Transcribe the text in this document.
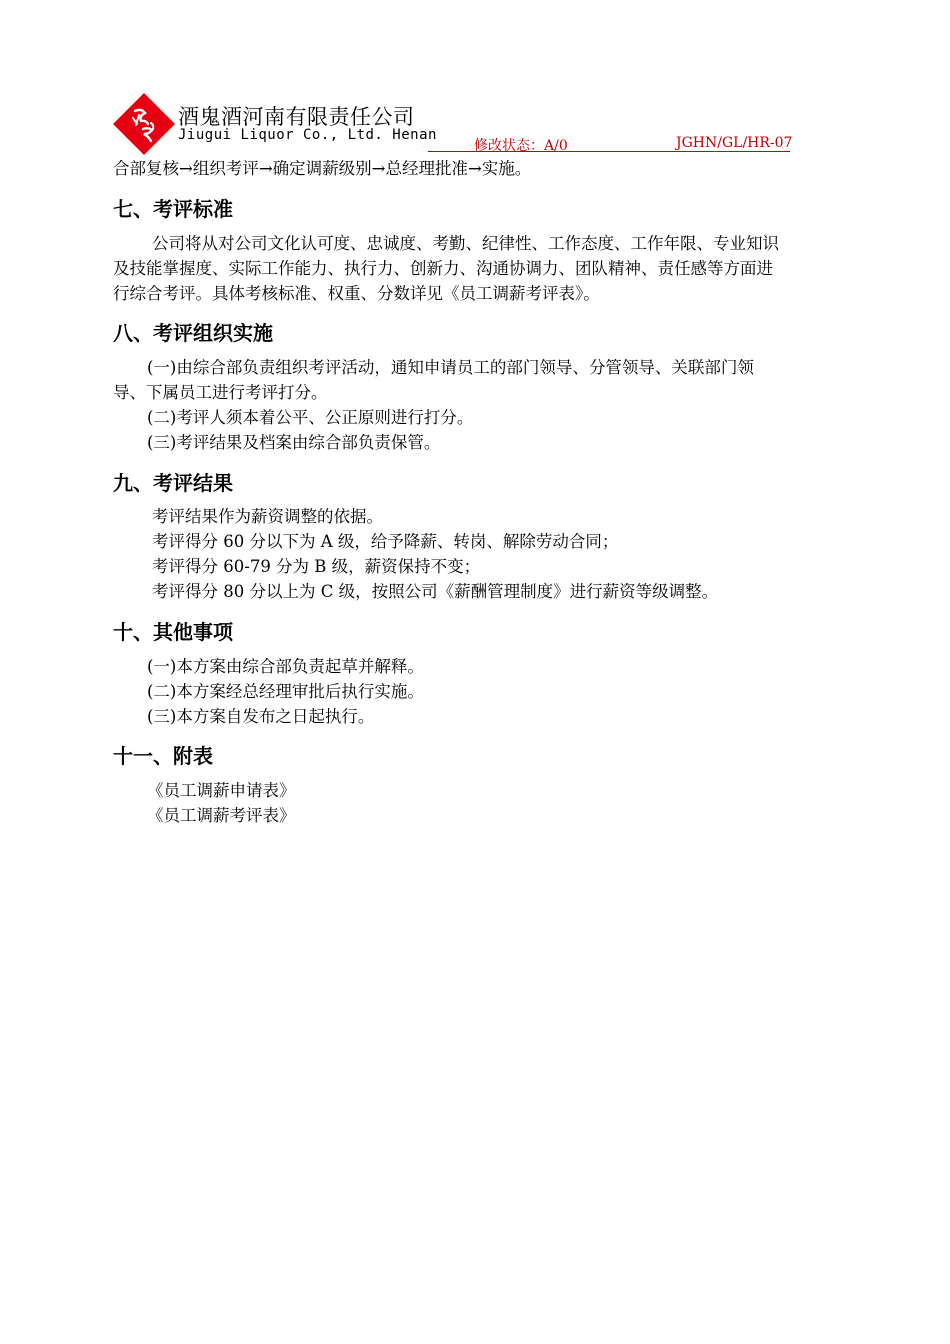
酒鬼酒河南有限责任公司
Jiugui Liquor Co., Ltd. Henan
修改状态：A/0	JGHN/GL/HR-07
合部复核→组织考评→确定调薪级别→总经理批准→实施。
七、考评标准
公司将从对公司文化认可度、忠诚度、考勤、纪律性、工作态度、工作年限、专业知识
及技能掌握度、实际工作能力、执行力、创新力、沟通协调力、团队精神、责任感等方面进
行综合考评。具体考核标准、权重、分数详见《员工调薪考评表》。
八、考评组织实施
(一)由综合部负责组织考评活动，通知申请员工的部门领导、分管领导、关联部门领
导、下属员工进行考评打分。
(二)考评人须本着公平、公正原则进行打分。
(三)考评结果及档案由综合部负责保管。
九、考评结果
考评结果作为薪资调整的依据。
考评得分 60 分以下为 A 级，给予降薪、转岗、解除劳动合同；
考评得分 60-79 分为 B 级，薪资保持不变；
考评得分 80 分以上为 C 级，按照公司《薪酬管理制度》进行薪资等级调整。
十、其他事项
(一)本方案由综合部负责起草并解释。
(二)本方案经总经理审批后执行实施。
(三)本方案自发布之日起执行。
十一、附表
《员工调薪申请表》
《员工调薪考评表》
